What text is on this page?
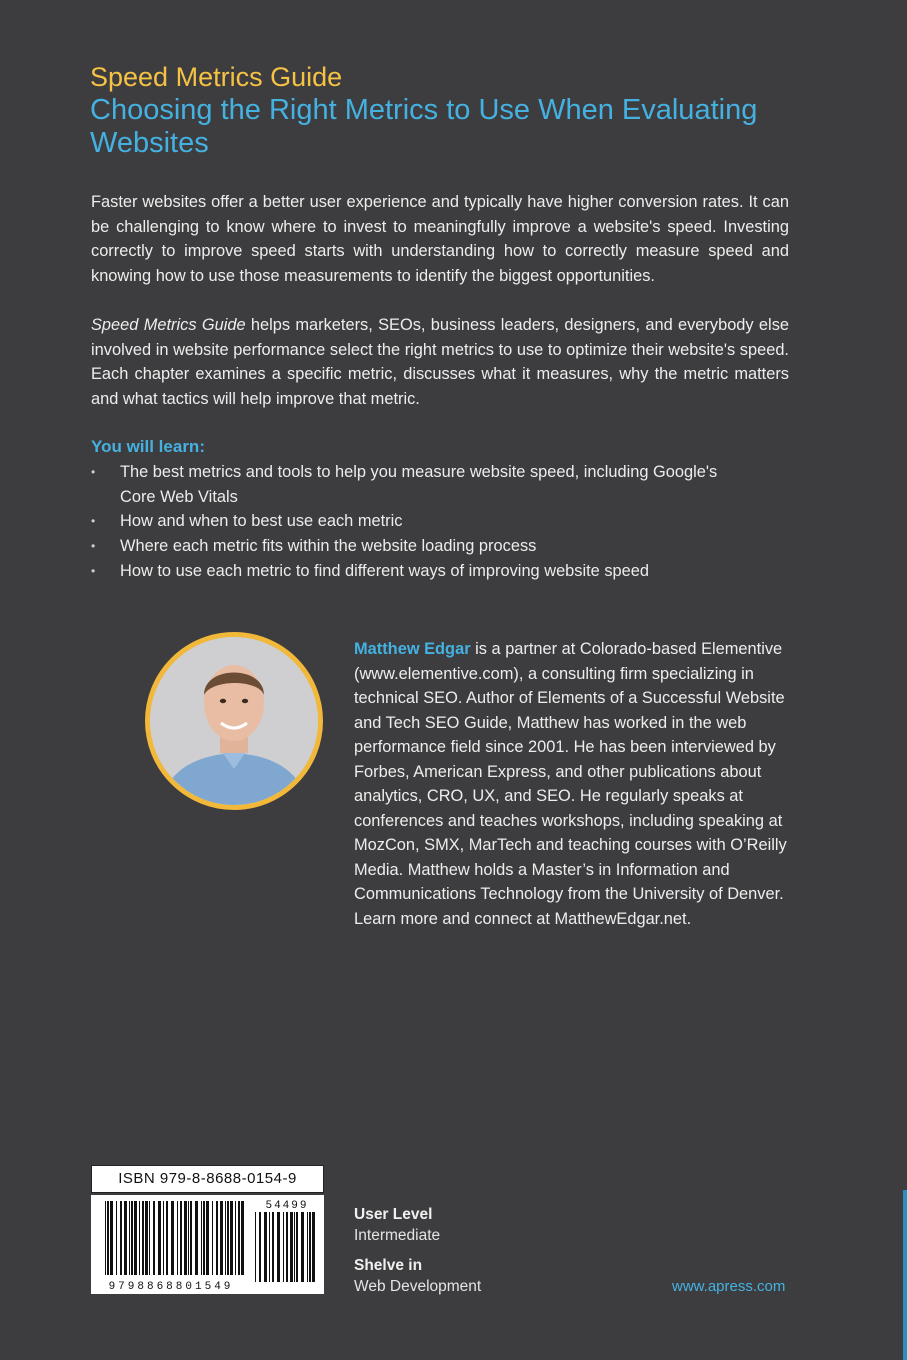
Speed Metrics Guide
Choosing the Right Metrics to Use When Evaluating Websites

Faster websites offer a better user experience and typically have higher conversion rates. It can be challenging to know where to invest to meaningfully improve a website's speed. Investing correctly to improve speed starts with understanding how to correctly measure speed and knowing how to use those measurements to identify the biggest opportunities.

Speed Metrics Guide helps marketers, SEOs, business leaders, designers, and everybody else involved in website performance select the right metrics to use to optimize their website's speed. Each chapter examines a specific metric, discusses what it measures, why the metric matters and what tactics will help improve that metric.

You will learn:
• The best metrics and tools to help you measure website speed, including Google's Core Web Vitals
• How and when to best use each metric
• Where each metric fits within the website loading process
• How to use each metric to find different ways of improving website speed

Matthew Edgar is a partner at Colorado-based Elementive (www.elementive.com), a consulting firm specializing in technical SEO. Author of Elements of a Successful Website and Tech SEO Guide, Matthew has worked in the web performance field since 2001. He has been interviewed by Forbes, American Express, and other publications about analytics, CRO, UX, and SEO. He regularly speaks at conferences and teaches workshops, including speaking at MozCon, SMX, MarTech and teaching courses with O’Reilly Media. Matthew holds a Master’s in Information and Communications Technology from the University of Denver. Learn more and connect at MatthewEdgar.net.

ISBN 979-8-8688-0154-9
54499
9798868801549

User Level

Intermediate

Shelve in

Web Development	www.apress.com
